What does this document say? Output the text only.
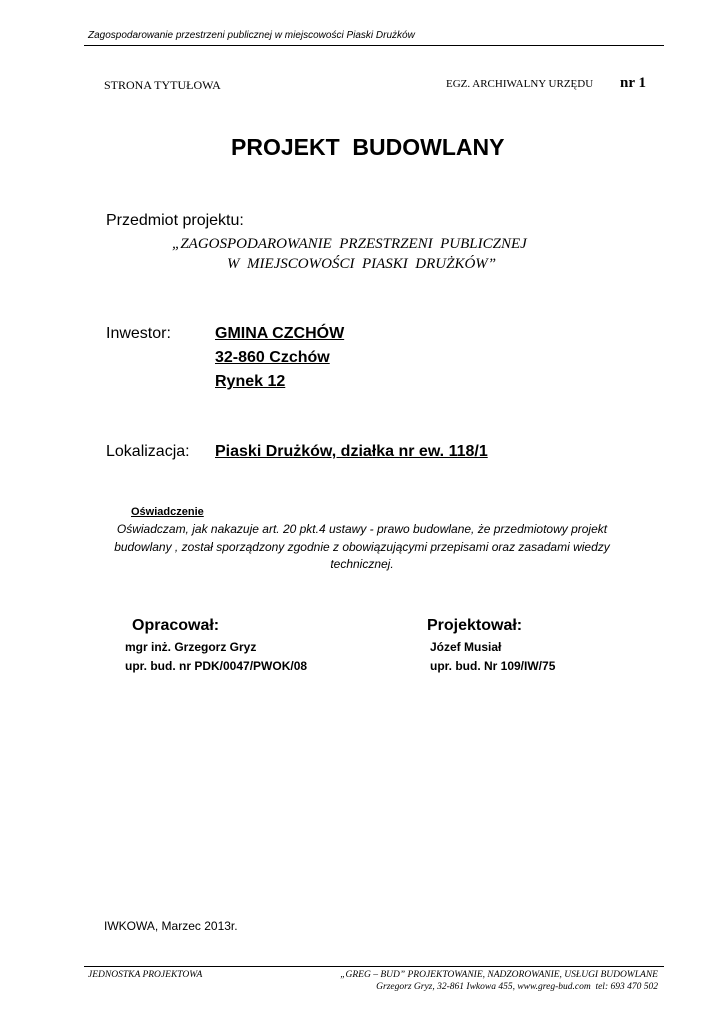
Zagospodarowanie przestrzeni publicznej w miejscowości Piaski Drużków
STRONA TYTUŁOWA	EGZ. ARCHIWALNY URZĘDU nr 1
PROJEKT  BUDOWLANY
Przedmiot projektu:
„ZAGOSPODAROWANIE  PRZESTRZENI  PUBLICZNEJ
W  MIEJSCOWOŚCI  PIASKI  DRUŻKÓW”
Inwestor:	GMINA CZCHÓW
32-860 Czchów
Rynek 12
Lokalizacja: Piaski Drużków, działka nr ew. 118/1
Oświadczenie
Oświadczam, jak nakazuje art. 20 pkt.4 ustawy - prawo budowlane, że przedmiotowy projekt
budowlany , został sporządzony zgodnie z obowiązującymi przepisami oraz zasadami wiedzy
technicznej.
Opracował:
mgr inż. Grzegorz Gryz
upr. bud. nr PDK/0047/PWOK/08
Projektował:
Józef Musiał
upr. bud. Nr 109/IW/75
IWKOWA, Marzec 2013r.
JEDNOSTKA PROJEKTOWA	„GREG – BUD” PROJEKTOWANIE, NADZOROWANIE, USŁUGI BUDOWLANE
Grzegorz Gryz, 32-861 Iwkowa 455, www.greg-bud.com  tel: 693 470 502
